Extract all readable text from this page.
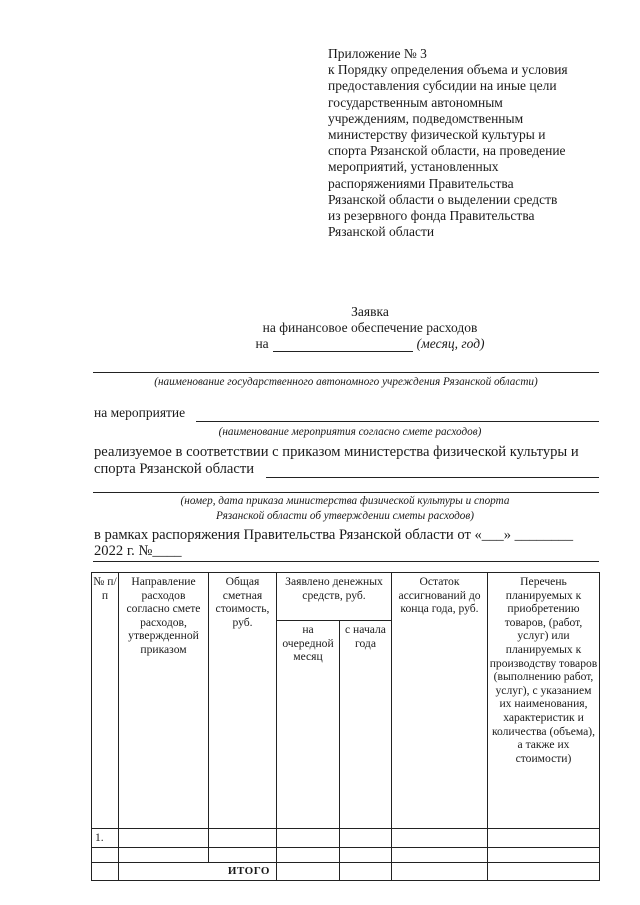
Приложение № 3
к Порядку определения объема и условия
предоставления субсидии на иные цели
государственным автономным
учреждениям, подведомственным
министерству физической культуры и
спорта Рязанской области, на проведение
мероприятий, установленных
распоряжениями Правительства
Рязанской области о выделении средств
из резервного фонда Правительства
Рязанской области
Заявка
на финансовое обеспечение расходов
на	(месяц, год)
(наименование государственного автономного учреждения Рязанской области)
на мероприятие
(наименование мероприятия согласно смете расходов)
реализуемое в соответствии с приказом министерства физической культуры и
спорта Рязанской области
(номер, дата приказа министерства физической культуры и спорта
Рязанской области об утверждении сметы расходов)
в рамках распоряжения Правительства Рязанской области от «___» ________
2022 г. №____
№ п/п	Направление расходов согласно смете расходов, утвержденной приказом	Общая сметная стоимость, руб.	Заявлено денежных средств, руб.		Остаток ассигнований до конца года, руб.	Перечень планируемых к приобретению товаров, (работ, услуг) или планируемых к производству товаров (выполнению работ, услуг), с указанием их наименования, характеристик и количества (объема), а также их стоимости)
			на очередной месяц	с начала года		
1.						

	ИТОГО					
